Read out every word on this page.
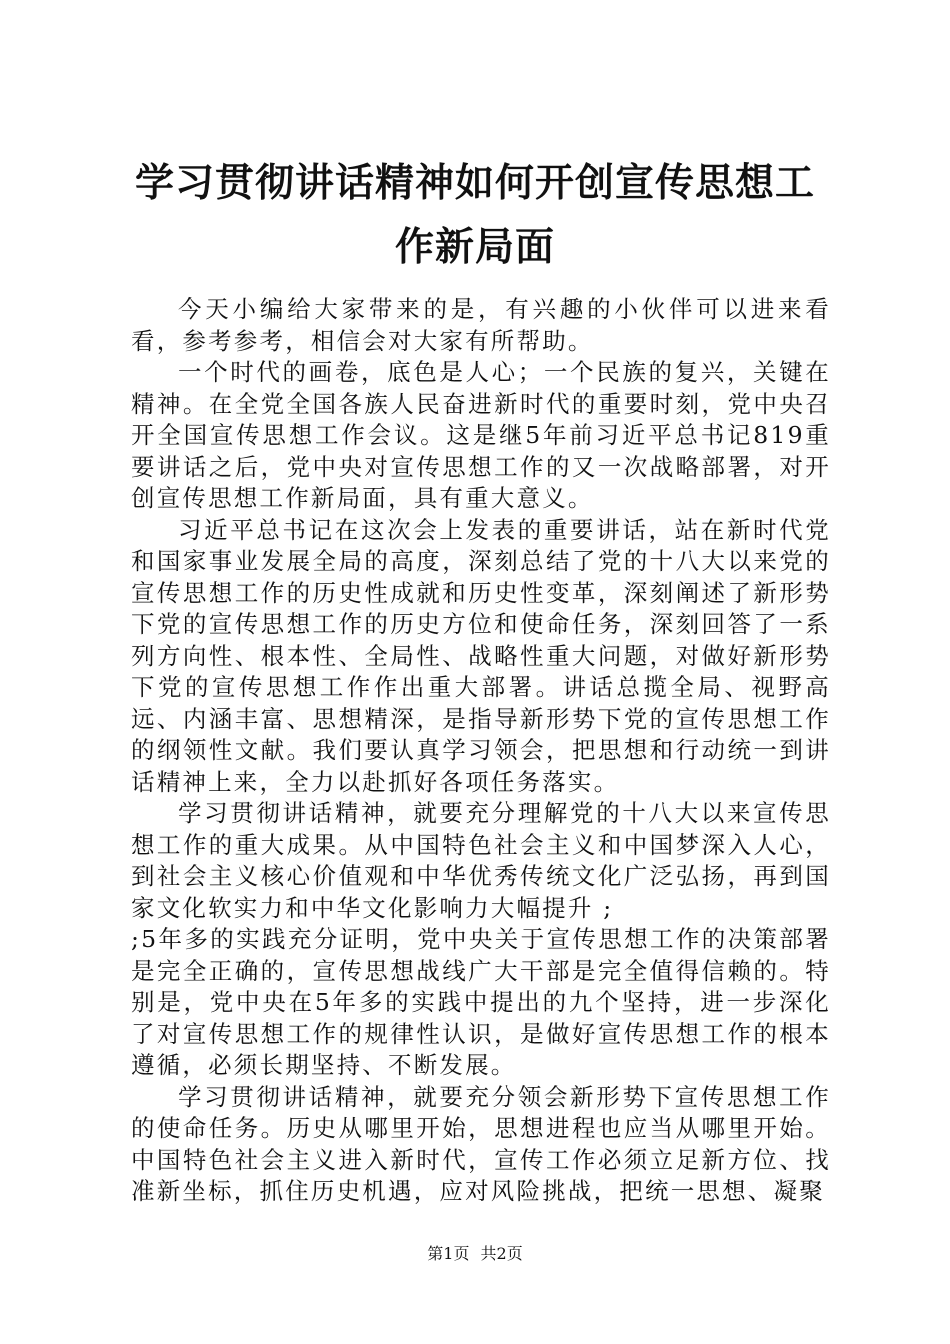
学习贯彻讲话精神如何开创宣传思想工作新局面

今天小编给大家带来的是，有兴趣的小伙伴可以进来看看，参考参考，相信会对大家有所帮助。

一个时代的画卷，底色是人心；一个民族的复兴，关键在精神。在全党全国各族人民奋进新时代的重要时刻，党中央召开全国宣传思想工作会议。这是继5年前习近平总书记819重要讲话之后，党中央对宣传思想工作的又一次战略部署，对开创宣传思想工作新局面，具有重大意义。

习近平总书记在这次会上发表的重要讲话，站在新时代党和国家事业发展全局的高度，深刻总结了党的十八大以来党的宣传思想工作的历史性成就和历史性变革，深刻阐述了新形势下党的宣传思想工作的历史方位和使命任务，深刻回答了一系列方向性、根本性、全局性、战略性重大问题，对做好新形势下党的宣传思想工作作出重大部署。讲话总揽全局、视野高远、内涵丰富、思想精深，是指导新形势下党的宣传思想工作的纲领性文献。我们要认真学习领会，把思想和行动统一到讲话精神上来，全力以赴抓好各项任务落实。

学习贯彻讲话精神，就要充分理解党的十八大以来宣传思想工作的重大成果。从中国特色社会主义和中国梦深入人心，到社会主义核心价值观和中华优秀传统文化广泛弘扬，再到国家文化软实力和中华文化影响力大幅提升 ;
;5年多的实践充分证明，党中央关于宣传思想工作的决策部署是完全正确的，宣传思想战线广大干部是完全值得信赖的。特别是，党中央在5年多的实践中提出的九个坚持，进一步深化了对宣传思想工作的规律性认识，是做好宣传思想工作的根本遵循，必须长期坚持、不断发展。

学习贯彻讲话精神，就要充分领会新形势下宣传思想工作的使命任务。历史从哪里开始，思想进程也应当从哪里开始。中国特色社会主义进入新时代，宣传工作必须立足新方位、找准新坐标，抓住历史机遇，应对风险挑战，把统一思想、凝聚

第1页 共2页
